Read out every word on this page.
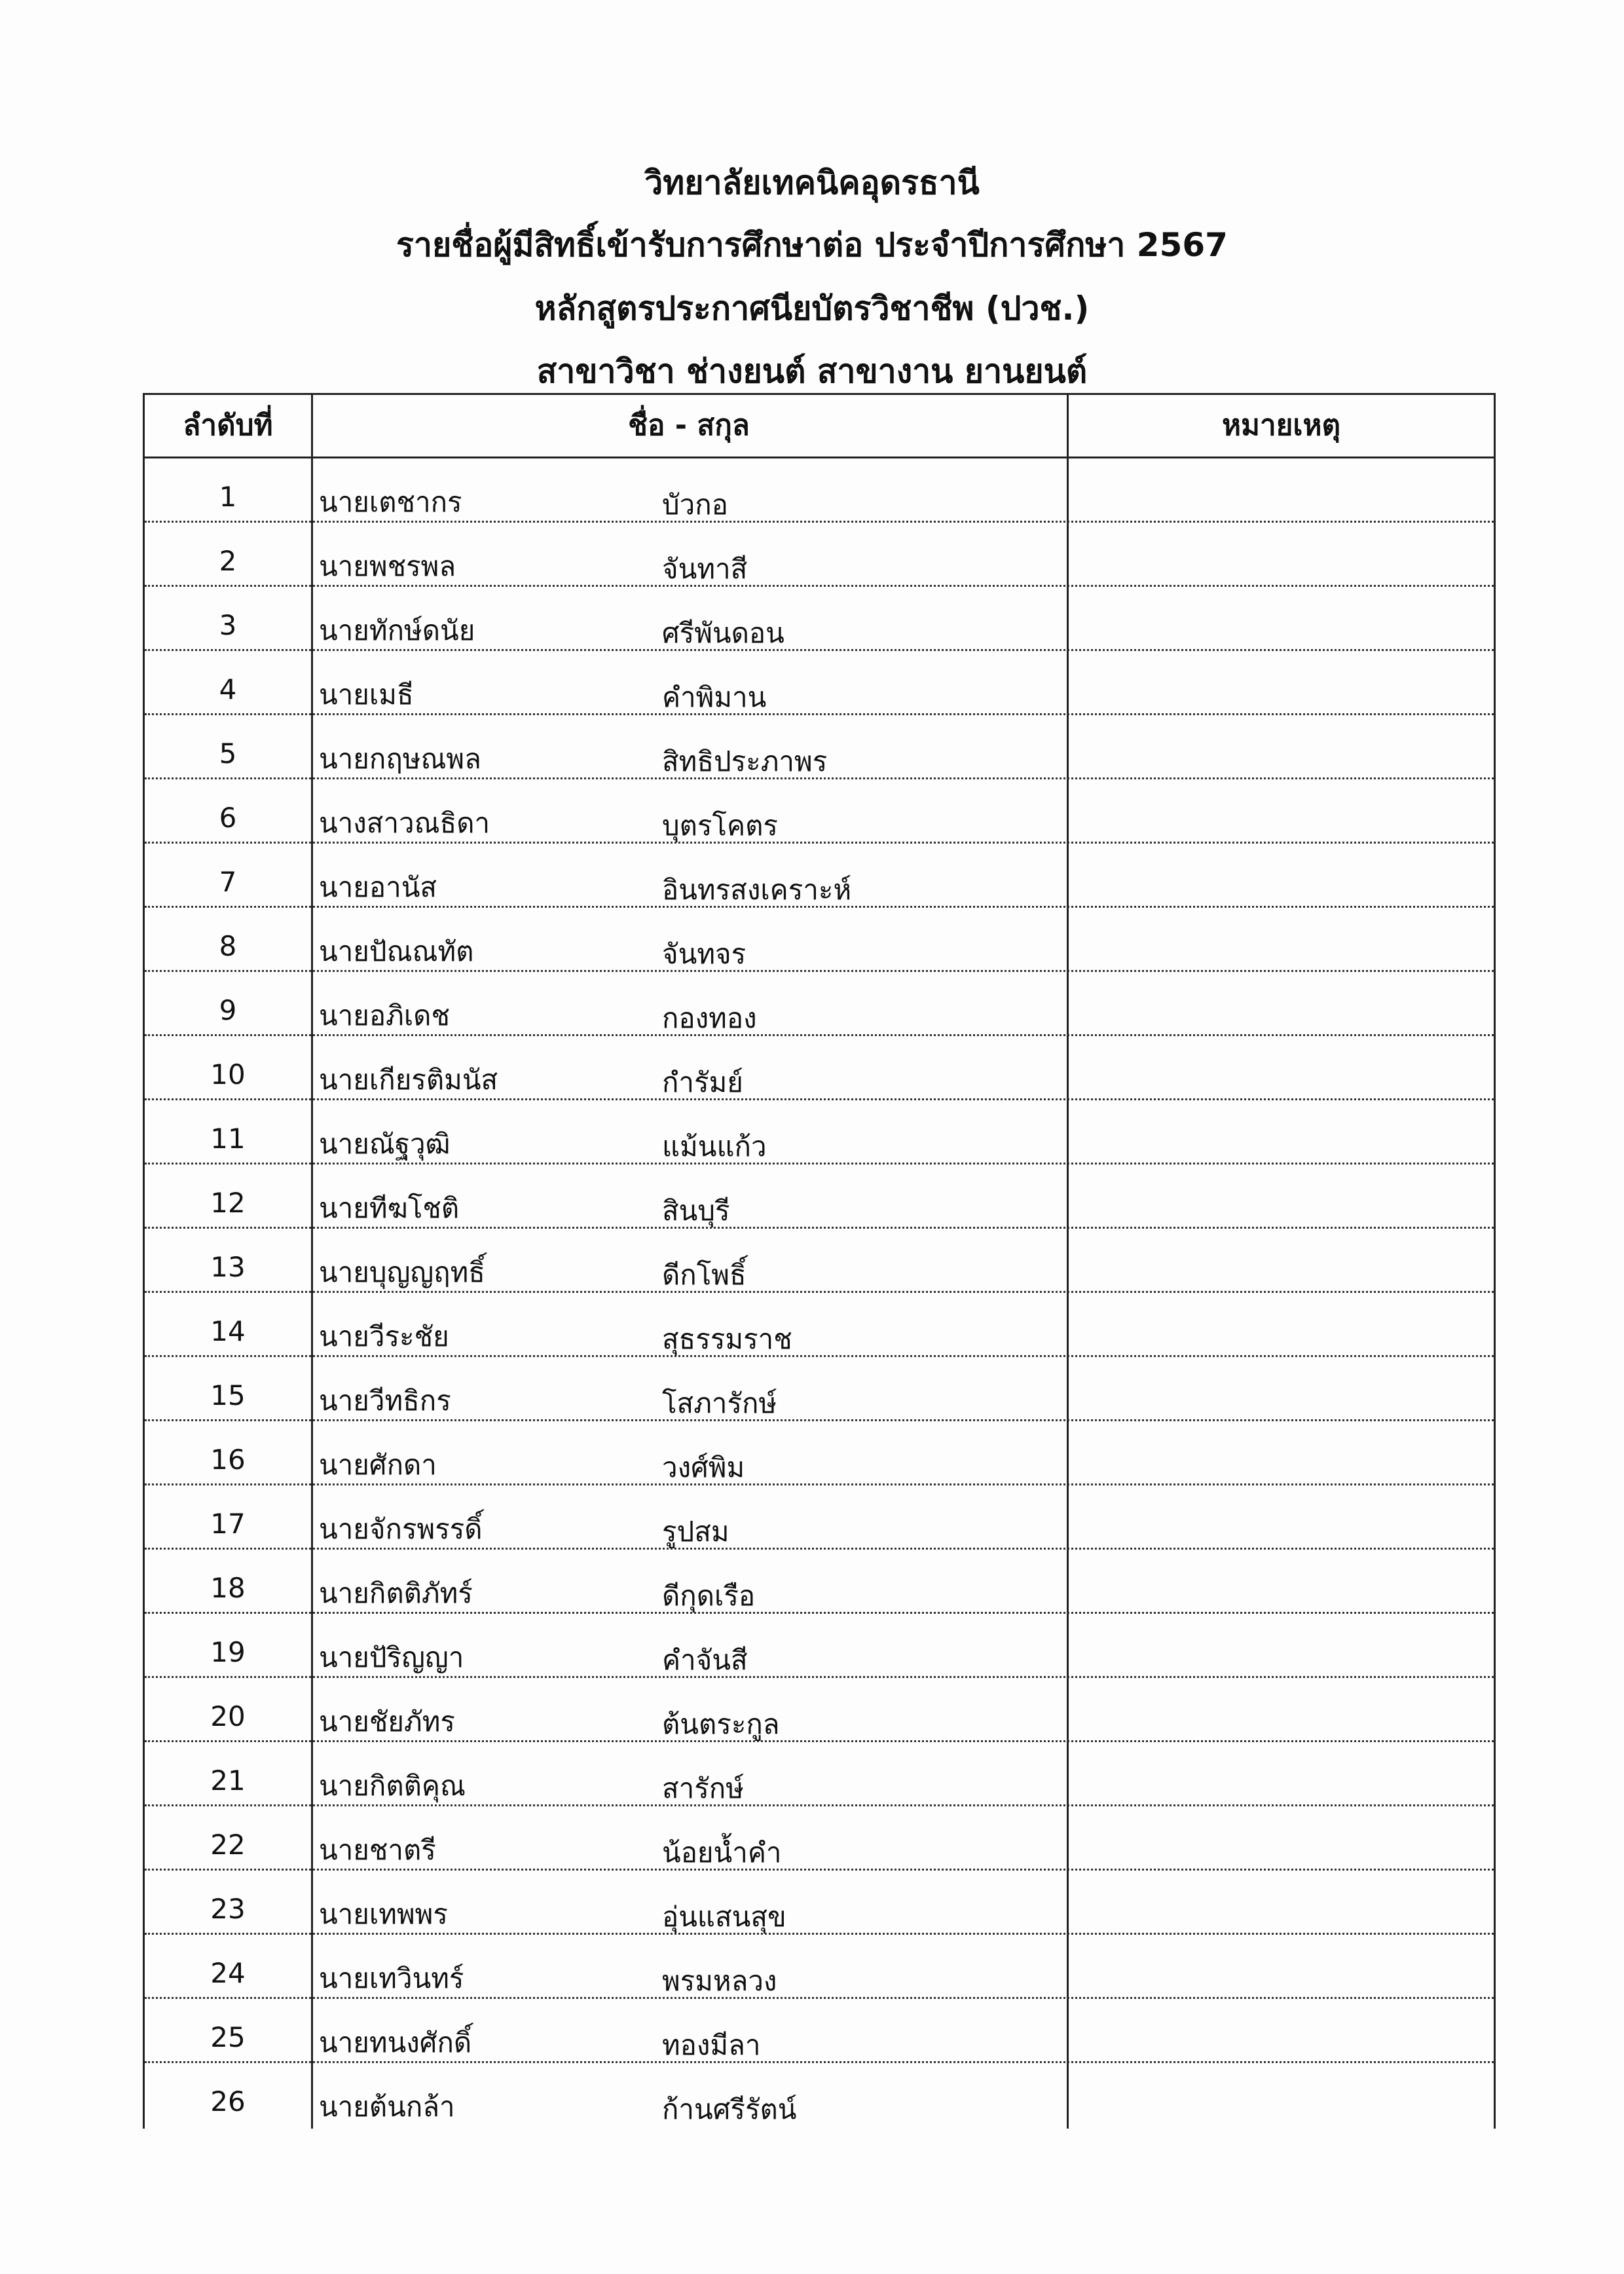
วิทยาลัยเทคนิคอุดรธานี
รายชื่อผู้มีสิทธิ์เข้ารับการศึกษาต่อ ประจำปีการศึกษา 2567
หลักสูตรประกาศนียบัตรวิชาชีพ (ปวช.)
สาขาวิชา ช่างยนต์ สาขางาน ยานยนต์
ลำดับที่	ชื่อ - สกุล	หมายเหตุ
1	นายเตชากร	บัวกอ
2	นายพชรพล	จันทาสี
3	นายทักษ์ดนัย	ศรีพันดอน
4	นายเมธี	คำพิมาน
5	นายกฤษณพล	สิทธิประภาพร
6	นางสาวณธิดา	บุตรโคตร
7	นายอานัส	อินทรสงเคราะห์
8	นายปัณณทัต	จันทจร
9	นายอภิเดช	กองทอง
10	นายเกียรติมนัส	กำรัมย์
11	นายณัฐวุฒิ	แม้นแก้ว
12	นายทีฆโชติ	สินบุรี
13	นายบุญญฤทธิ์	ดีกโพธิ์
14	นายวีระชัย	สุธรรมราช
15	นายวีทธิกร	โสภารักษ์
16	นายศักดา	วงศ์พิม
17	นายจักรพรรดิ์	รูปสม
18	นายกิตติภัทร์	ดีกุดเรือ
19	นายปัริญญา	คำจันสี
20	นายชัยภัทร	ต้นตระกูล
21	นายกิตติคุณ	สารักษ์
22	นายชาตรี	น้อยน้ำคำ
23	นายเทพพร	อุ่นแสนสุข
24	นายเทวินทร์	พรมหลวง
25	นายทนงศักดิ์	ทองมีลา
26	นายต้นกล้า	ก้านศรีรัตน์
